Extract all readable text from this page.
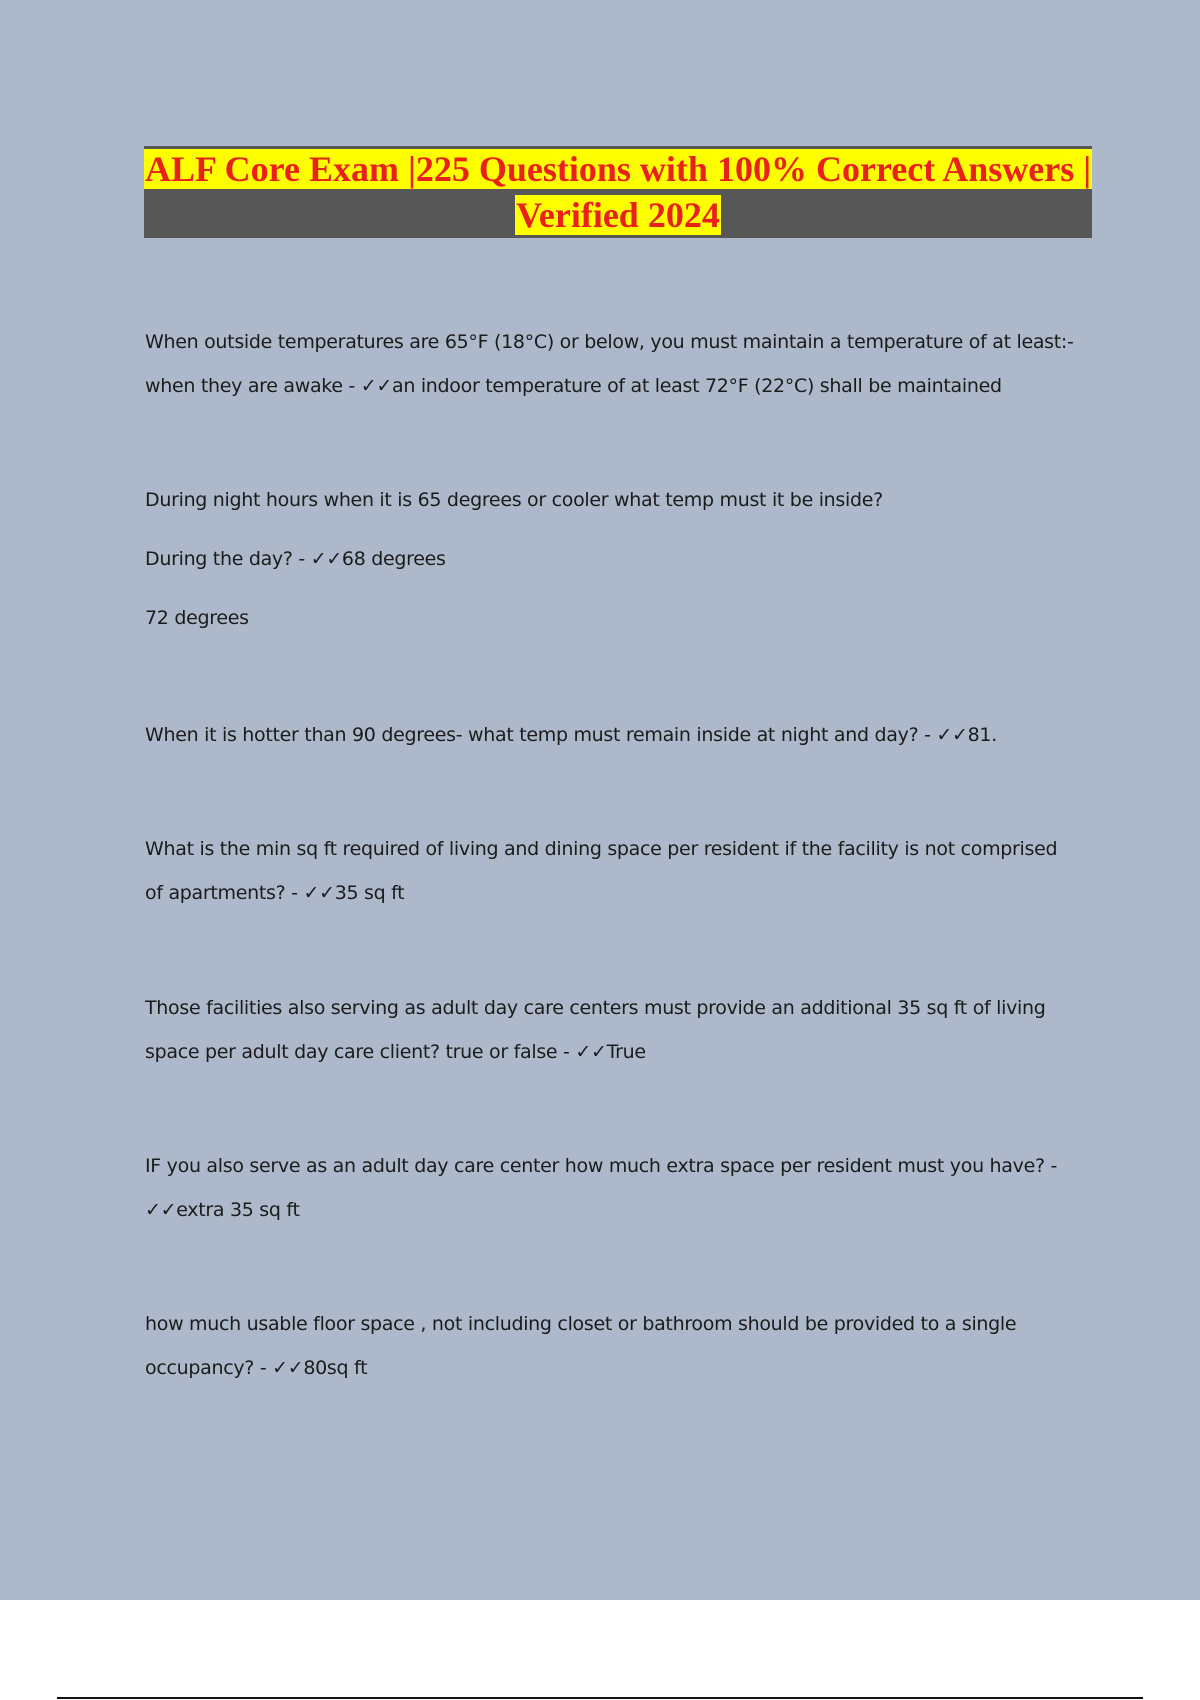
ALF Core Exam |225 Questions with 100% Correct Answers | Verified 2024

When outside temperatures are 65°F (18°C) or below, you must maintain a temperature of at least:- when they are awake - ✓✓an indoor temperature of at least 72°F (22°C) shall be maintained

During night hours when it is 65 degrees or cooler what temp must it be inside?

During the day? - ✓✓68 degrees

72 degrees

When it is hotter than 90 degrees- what temp must remain inside at night and day? - ✓✓81.

What is the min sq ft required of living and dining space per resident if the facility is not comprised of apartments? - ✓✓35 sq ft

Those facilities also serving as adult day care centers must provide an additional 35 sq ft of living space per adult day care client? true or false - ✓✓True

IF you also serve as an adult day care center how much extra space per resident must you have? - ✓✓extra 35 sq ft

how much usable floor space , not including closet or bathroom should be provided to a single occupancy? - ✓✓80sq ft
